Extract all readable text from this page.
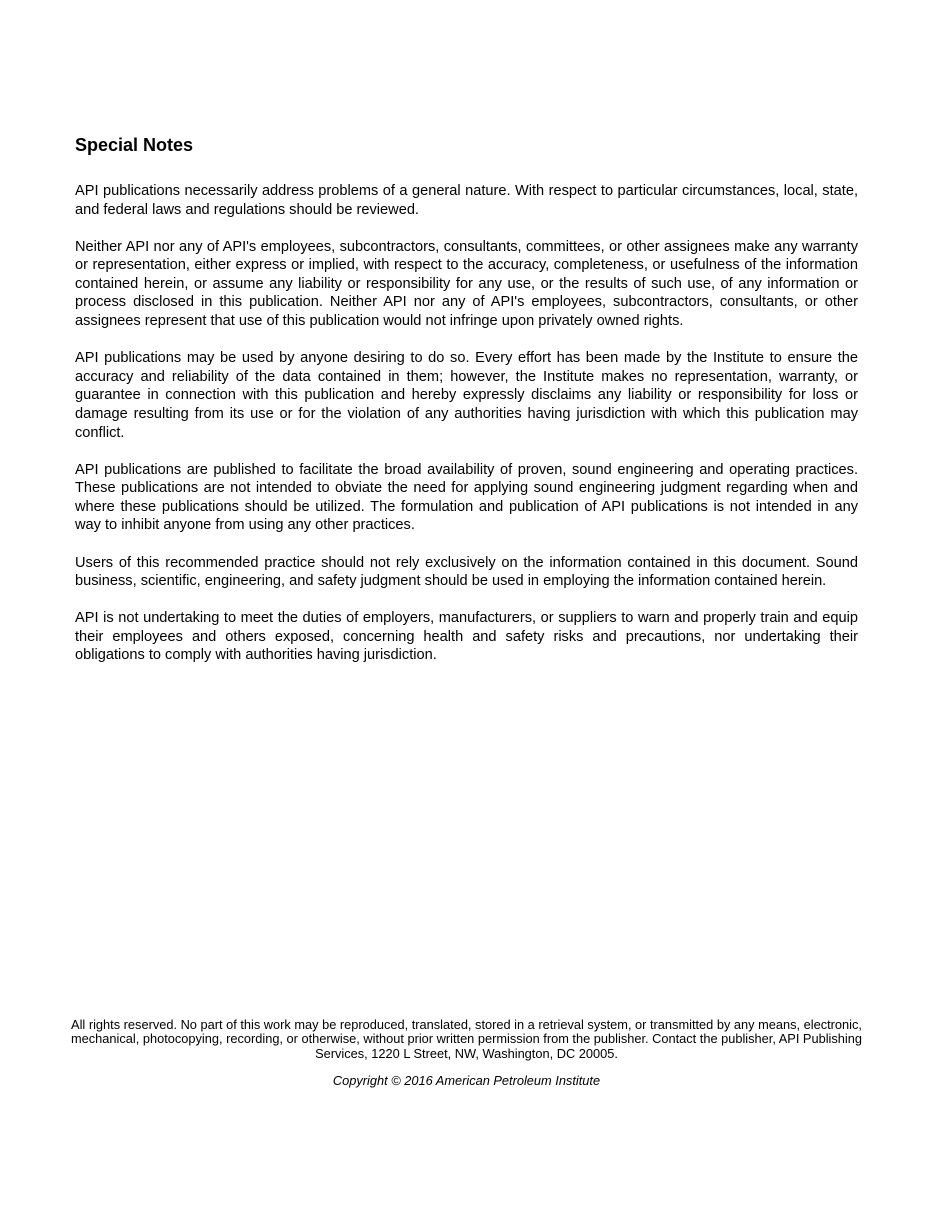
Special Notes

API publications necessarily address problems of a general nature. With respect to particular circumstances, local, state, and federal laws and regulations should be reviewed.

Neither API nor any of API's employees, subcontractors, consultants, committees, or other assignees make any warranty or representation, either express or implied, with respect to the accuracy, completeness, or usefulness of the information contained herein, or assume any liability or responsibility for any use, or the results of such use, of any information or process disclosed in this publication. Neither API nor any of API's employees, subcontractors, consultants, or other assignees represent that use of this publication would not infringe upon privately owned rights.

API publications may be used by anyone desiring to do so. Every effort has been made by the Institute to ensure the accuracy and reliability of the data contained in them; however, the Institute makes no representation, warranty, or guarantee in connection with this publication and hereby expressly disclaims any liability or responsibility for loss or damage resulting from its use or for the violation of any authorities having jurisdiction with which this publication may conflict.

API publications are published to facilitate the broad availability of proven, sound engineering and operating practices. These publications are not intended to obviate the need for applying sound engineering judgment regarding when and where these publications should be utilized. The formulation and publication of API publications is not intended in any way to inhibit anyone from using any other practices.

Users of this recommended practice should not rely exclusively on the information contained in this document. Sound business, scientific, engineering, and safety judgment should be used in employing the information contained herein.

API is not undertaking to meet the duties of employers, manufacturers, or suppliers to warn and properly train and equip their employees and others exposed, concerning health and safety risks and precautions, nor undertaking their obligations to comply with authorities having jurisdiction.

All rights reserved. No part of this work may be reproduced, translated, stored in a retrieval system, or transmitted by any means, electronic, mechanical, photocopying, recording, or otherwise, without prior written permission from the publisher. Contact the publisher, API Publishing Services, 1220 L Street, NW, Washington, DC 20005.

Copyright © 2016 American Petroleum Institute
